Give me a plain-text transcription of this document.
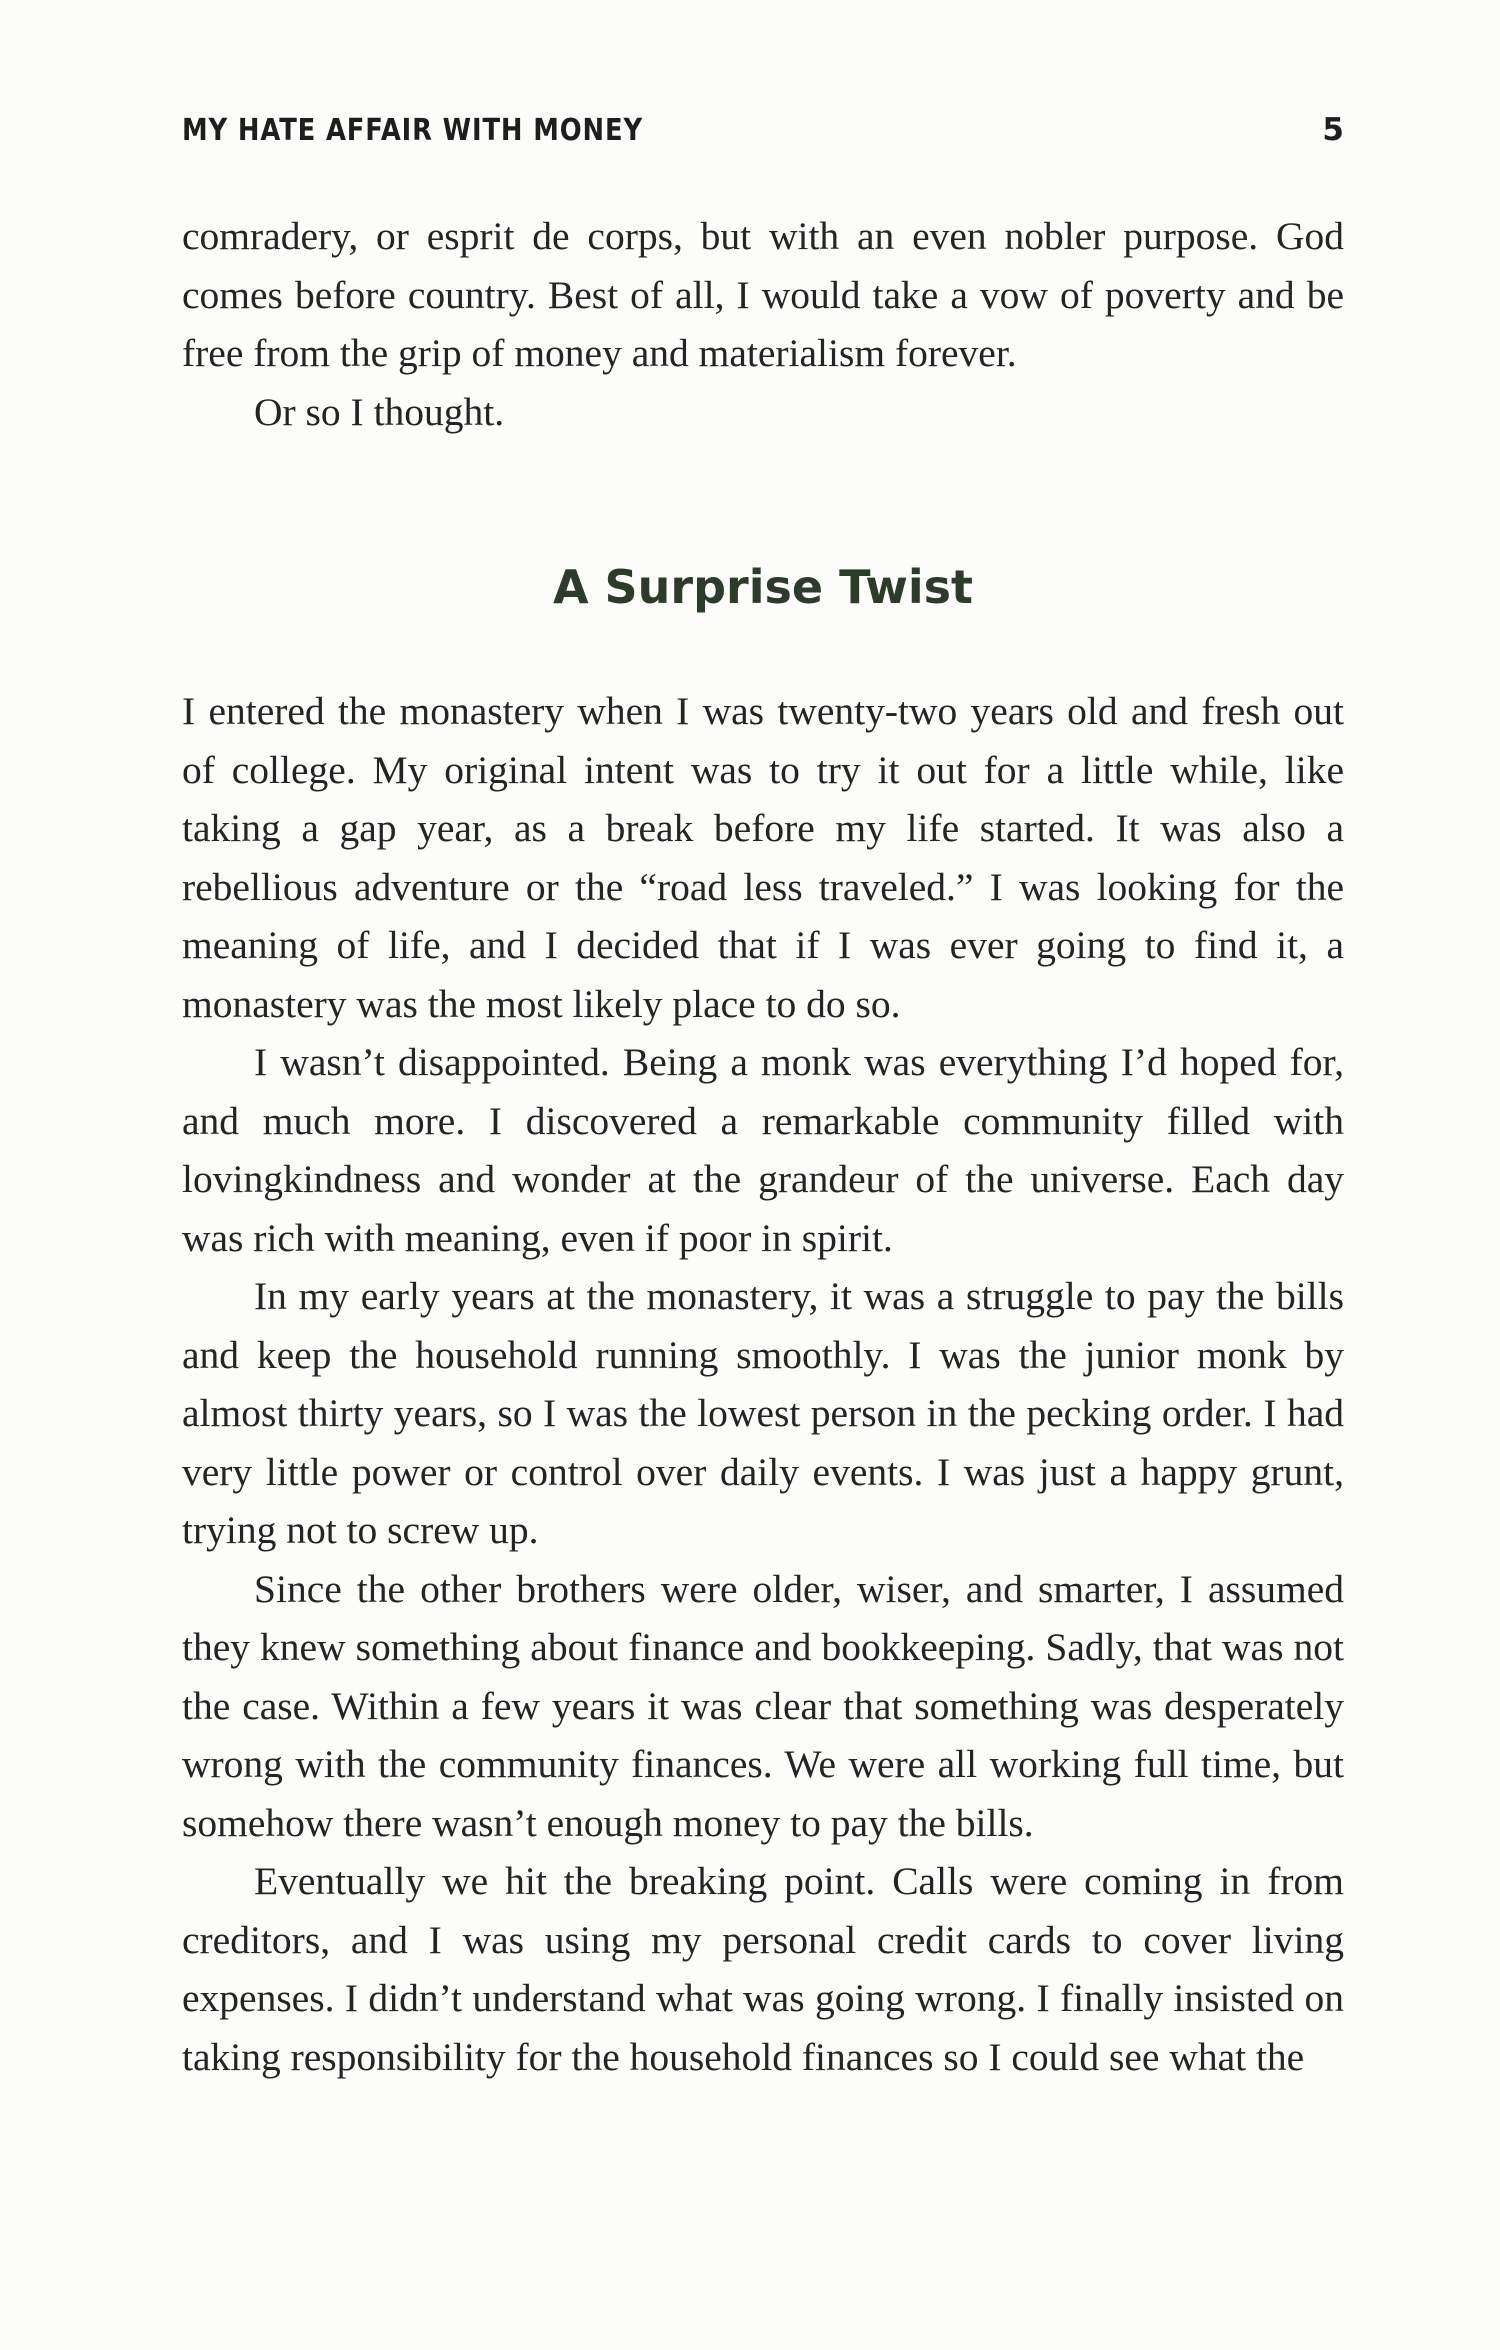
MY HATE AFFAIR WITH MONEY	5

comradery, or esprit de corps, but with an even nobler purpose. God comes before country. Best of all, I would take a vow of poverty and be free from the grip of money and materialism forever.

Or so I thought.

A Surprise Twist

I entered the monastery when I was twenty-two years old and fresh out of college. My original intent was to try it out for a little while, like taking a gap year, as a break before my life started. It was also a rebellious adventure or the “road less traveled.” I was looking for the meaning of life, and I decided that if I was ever going to find it, a monastery was the most likely place to do so.

I wasn’t disappointed. Being a monk was everything I’d hoped for, and much more. I discovered a remarkable community filled with lovingkindness and wonder at the grandeur of the universe. Each day was rich with meaning, even if poor in spirit.

In my early years at the monastery, it was a struggle to pay the bills and keep the household running smoothly. I was the junior monk by almost thirty years, so I was the lowest person in the pecking order. I had very little power or control over daily events. I was just a happy grunt, trying not to screw up.

Since the other brothers were older, wiser, and smarter, I assumed they knew something about finance and bookkeeping. Sadly, that was not the case. Within a few years it was clear that something was desperately wrong with the community finances. We were all working full time, but somehow there wasn’t enough money to pay the bills.

Eventually we hit the breaking point. Calls were coming in from creditors, and I was using my personal credit cards to cover living expenses. I didn’t understand what was going wrong. I finally insisted on taking responsibility for the household finances so I could see what the
